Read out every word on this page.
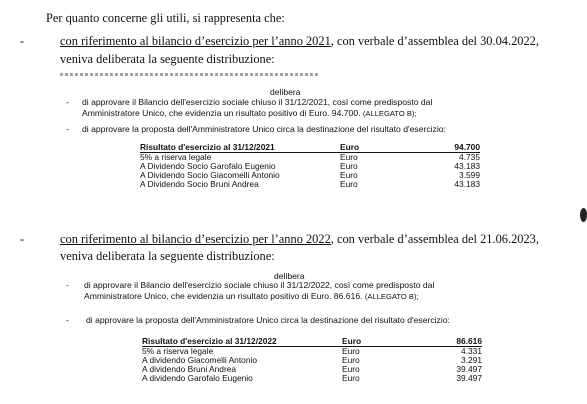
Per quanto concerne gli utili, si rappresenta che:
-	con riferimento al bilancio d’esercizio per l’anno 2021, con verbale d’assemblea del 30.04.2022,
veniva deliberata la seguente distribuzione:
delibera
- di approvare il Bilancio dell'esercizio sociale chiuso il 31/12/2021, così come predisposto dal
Amministratore Unico, che evidenzia un risultato positivo di Euro. 94.700. (ALLEGATO B);
- di approvare la proposta dell'Amministratore Unico circa la destinazione del risultato d'esercizio:
Risultato d'esercizio al 31/12/2021	Euro	94.700
5% a riserva legale	Euro	4.735
A Dividendo Socio Garofalo Eugenio	Euro	43.183
A Dividendo Socio Giacomelli Antonio	Euro	3.599
A Dividendo Socio Bruni Andrea	Euro	43.183
-	con riferimento al bilancio d’esercizio per l’anno 2022, con verbale d’assemblea del 21.06.2023,
veniva deliberata la seguente distribuzione:
delibera
- di approvare il Bilancio dell'esercizio sociale chiuso il 31/12/2022, così come predisposto dal
Amministratore Unico, che evidenzia un risultato positivo di Euro. 86.616. (ALLEGATO B);
- di approvare la proposta dell'Amministratore Unico circa la destinazione del risultato d'esercizio:
Risultato d'esercizio al 31/12/2022	Euro	86.616
5% a riserva legale	Euro	4.331
A dividendo Giacomelli Antonio	Euro	3.291
A dividendo Bruni Andrea	Euro	39.497
A dividendo Garofalo Eugenio	Euro	39.497
